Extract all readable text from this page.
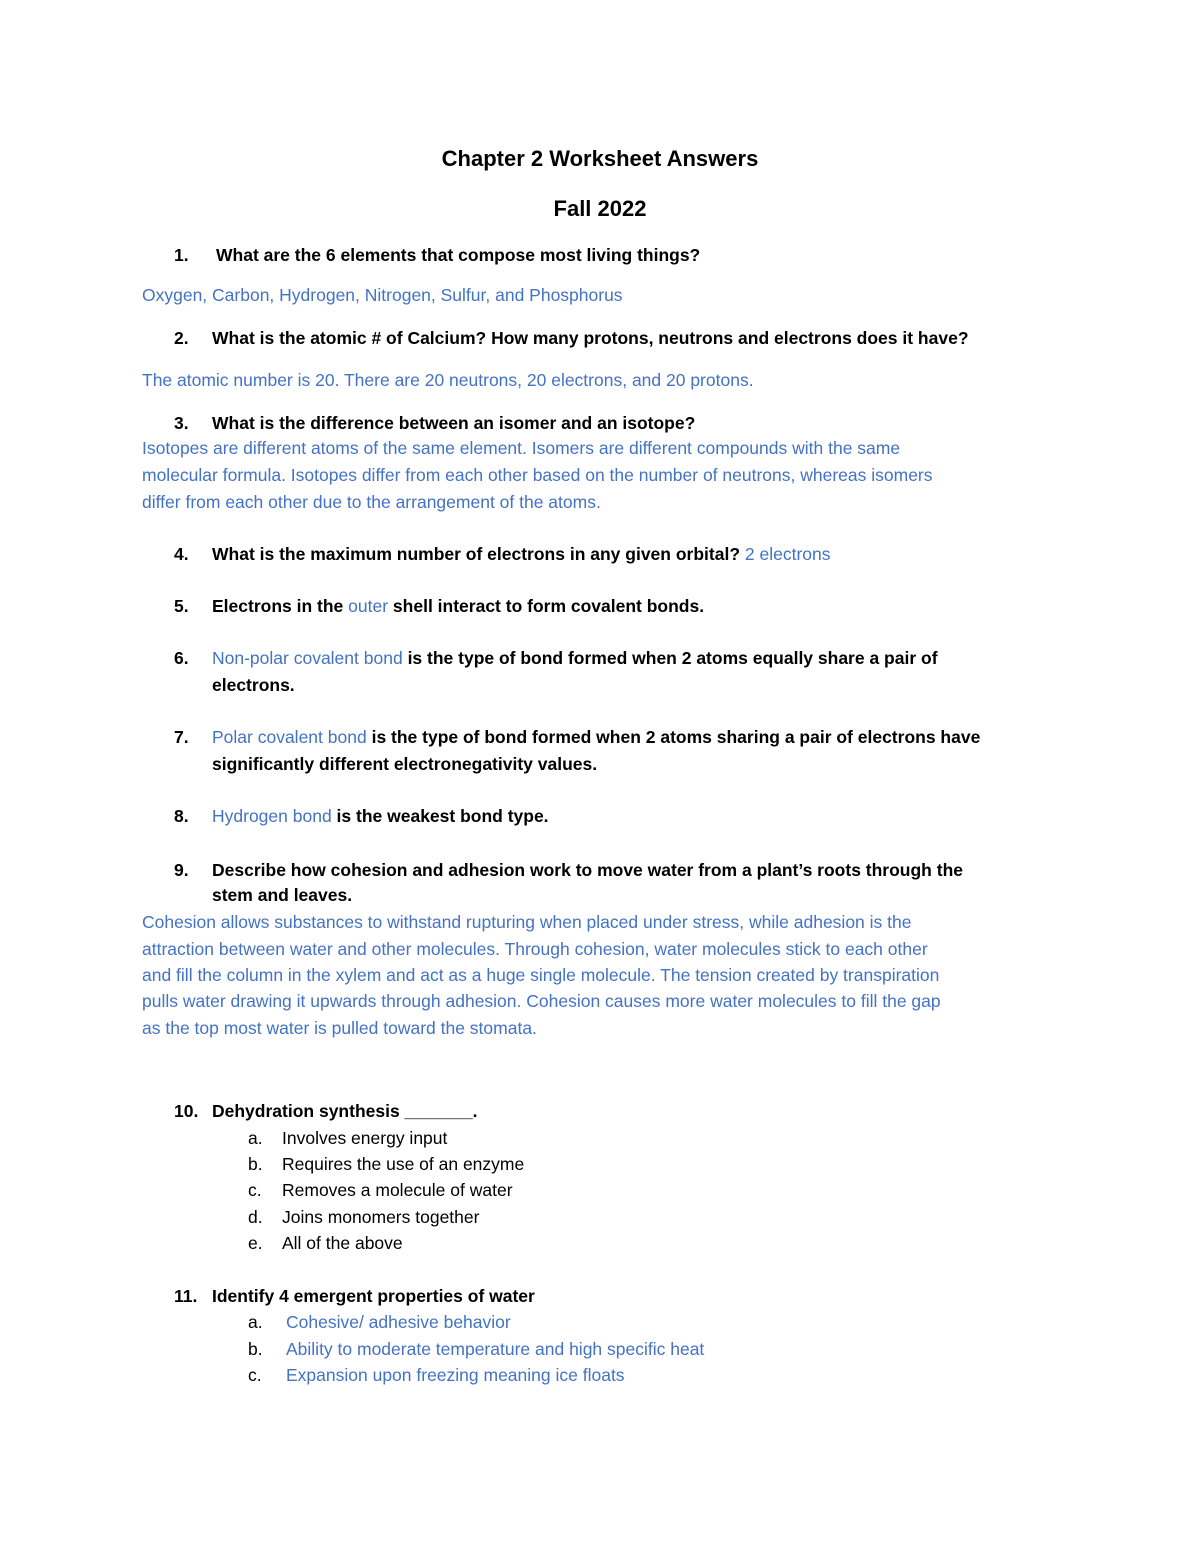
Chapter 2 Worksheet Answers
Fall 2022
1. What are the 6 elements that compose most living things?
Oxygen, Carbon, Hydrogen, Nitrogen, Sulfur, and Phosphorus
2. What is the atomic # of Calcium? How many protons, neutrons and electrons does it have?
The atomic number is 20. There are 20 neutrons, 20 electrons, and 20 protons.
3. What is the difference between an isomer and an isotope?
Isotopes are different atoms of the same element. Isomers are different compounds with the same
molecular formula. Isotopes differ from each other based on the number of neutrons, whereas isomers
differ from each other due to the arrangement of the atoms.
4. What is the maximum number of electrons in any given orbital? 2 electrons
5. Electrons in the outer shell interact to form covalent bonds.
6. Non-polar covalent bond is the type of bond formed when 2 atoms equally share a pair of
electrons.
7. Polar covalent bond is the type of bond formed when 2 atoms sharing a pair of electrons have
significantly different electronegativity values.
8. Hydrogen bond is the weakest bond type.
9. Describe how cohesion and adhesion work to move water from a plant’s roots through the
stem and leaves.
Cohesion allows substances to withstand rupturing when placed under stress, while adhesion is the
attraction between water and other molecules. Through cohesion, water molecules stick to each other
and fill the column in the xylem and act as a huge single molecule. The tension created by transpiration
pulls water drawing it upwards through adhesion. Cohesion causes more water molecules to fill the gap
as the top most water is pulled toward the stomata.
10. Dehydration synthesis _______.
a. Involves energy input
b. Requires the use of an enzyme
c. Removes a molecule of water
d. Joins monomers together
e. All of the above
11. Identify 4 emergent properties of water
a. Cohesive/ adhesive behavior
b. Ability to moderate temperature and high specific heat
c. Expansion upon freezing meaning ice floats
